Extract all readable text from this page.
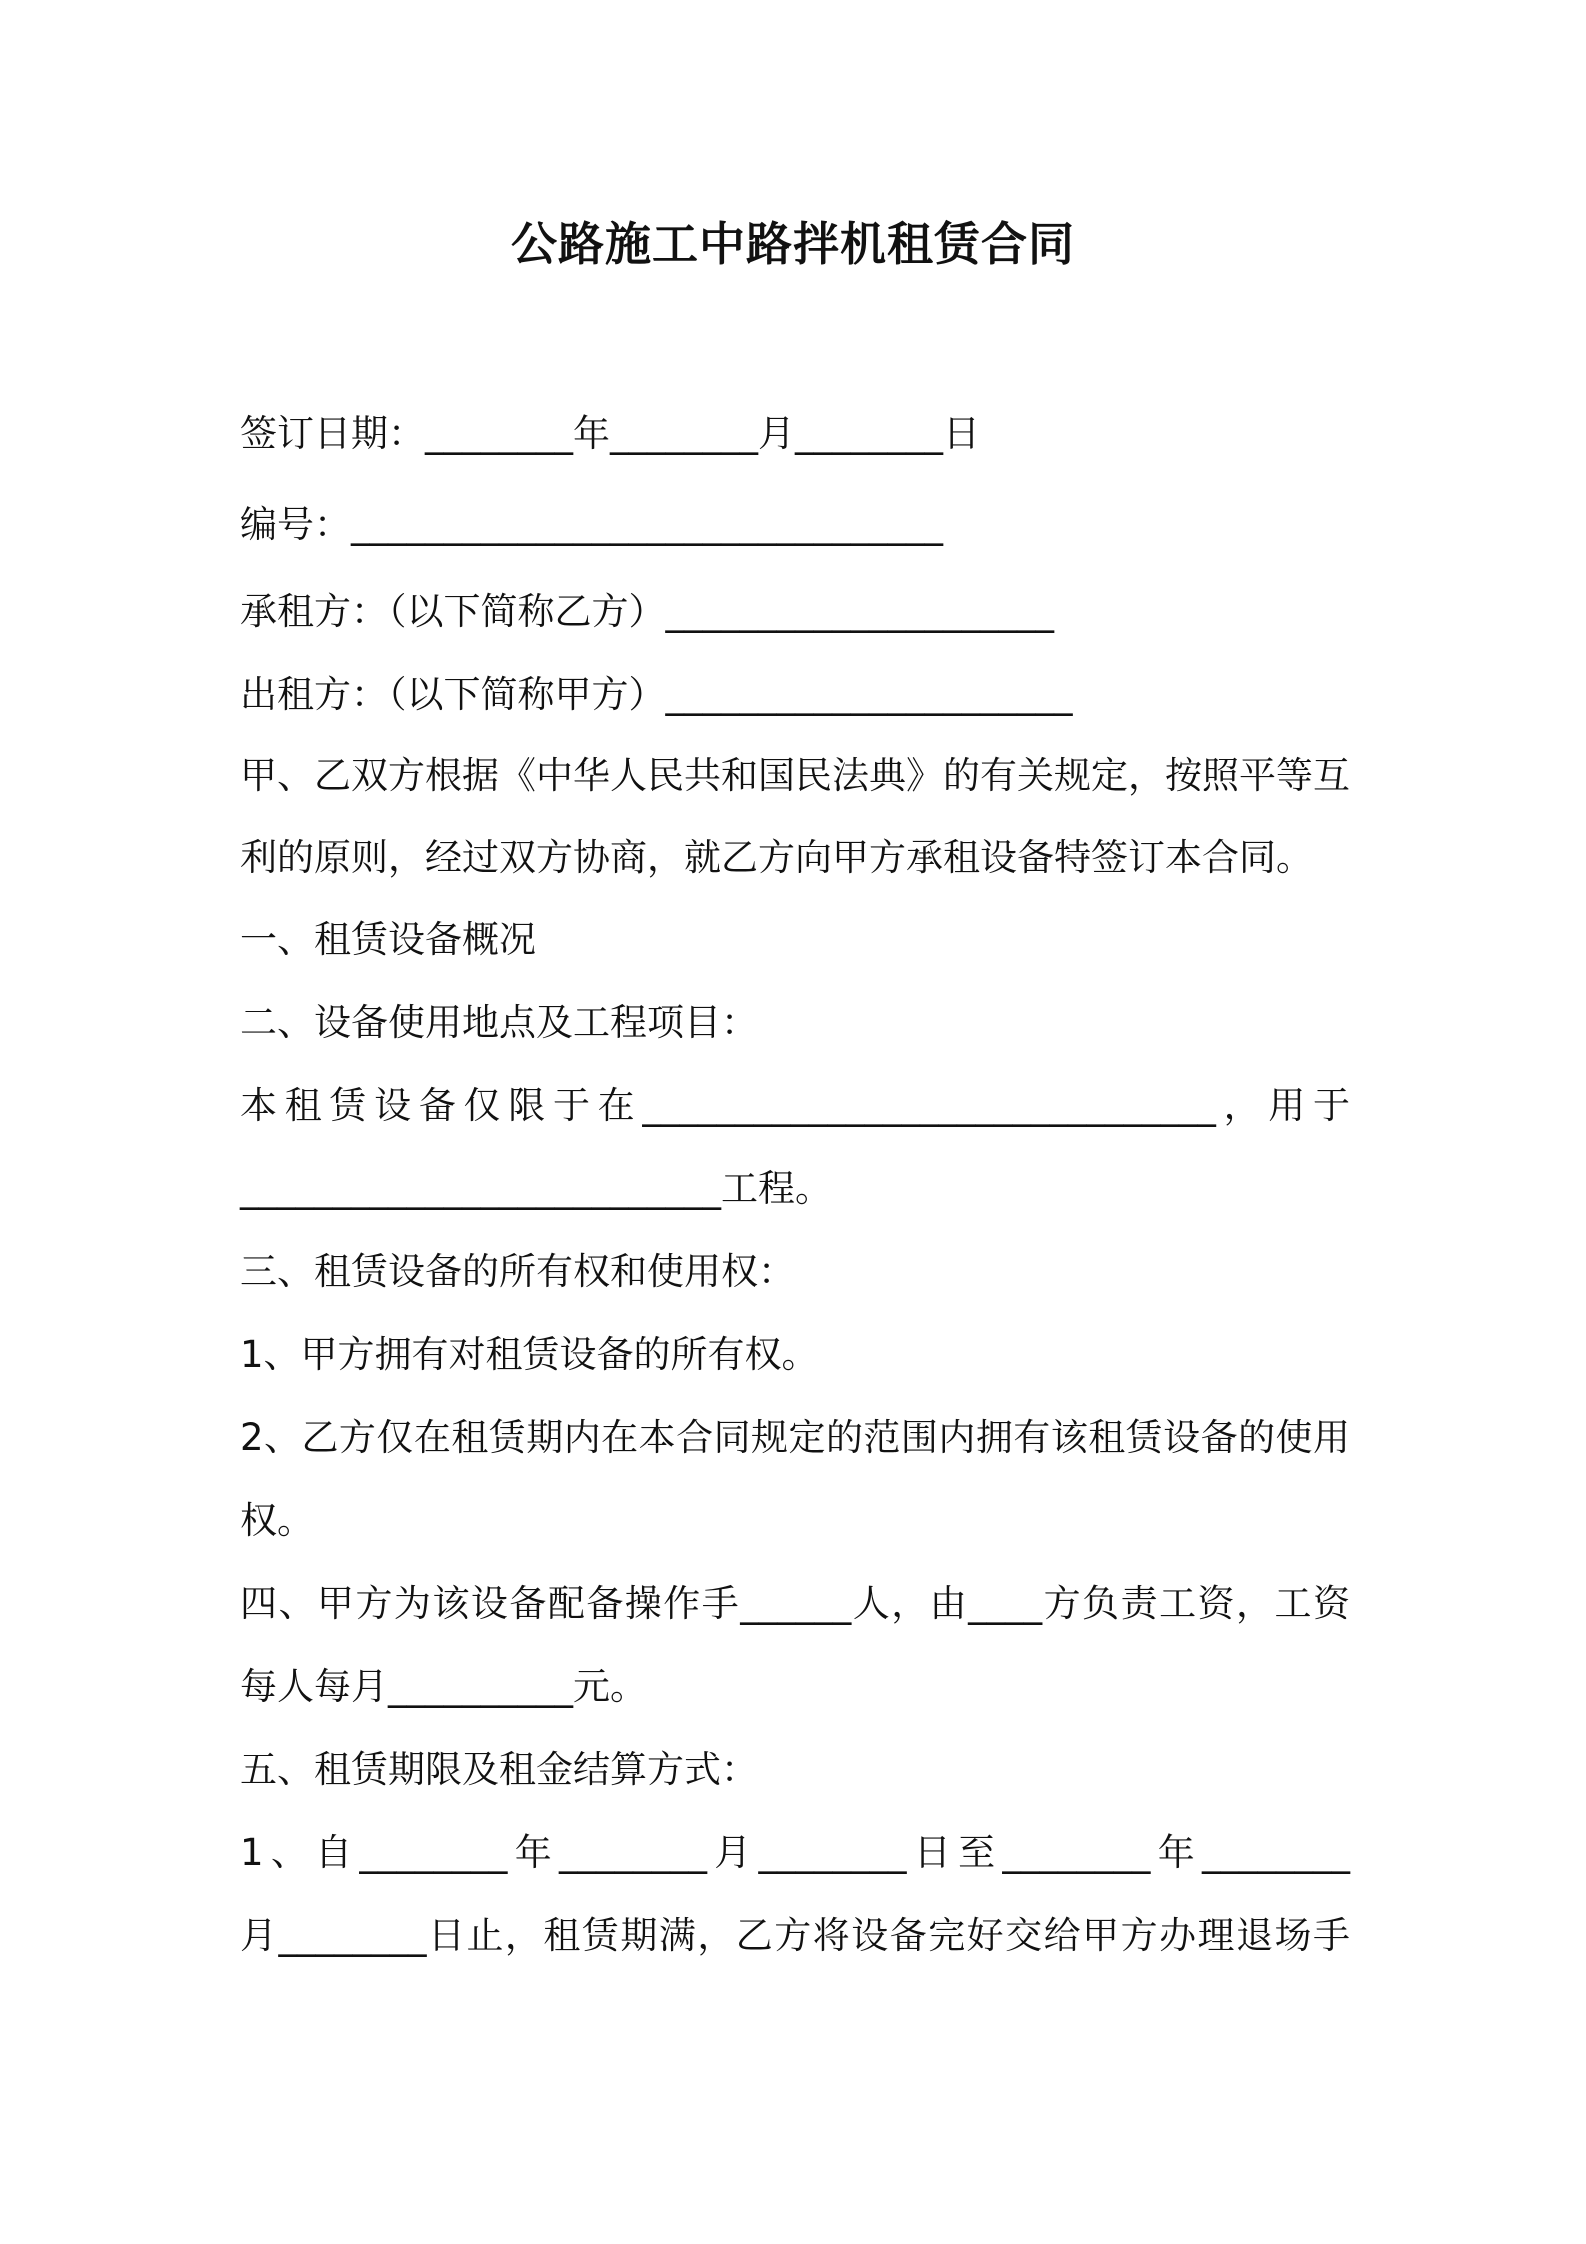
公路施工中路拌机租赁合同
签订日期：________年________月________日
编号：________________________________
承租方：（以下简称乙方）_____________________
出租方：（以下简称甲方）______________________
甲、乙双方根据《中华人民共和国民法典》的有关规定，按照平等互
利的原则，经过双方协商，就乙方向甲方承租设备特签订本合同。
一、租赁设备概况
二、设备使用地点及工程项目：
本租赁设备仅限于在_______________________________，用于
__________________________工程。
三、租赁设备的所有权和使用权：
1、甲方拥有对租赁设备的所有权。
2、乙方仅在租赁期内在本合同规定的范围内拥有该租赁设备的使用
权。
四、甲方为该设备配备操作手______人，由____方负责工资，工资
每人每月__________元。
五、租赁期限及租金结算方式：
1、自________年________月________日至________年________
月________日止，租赁期满，乙方将设备完好交给甲方办理退场手
